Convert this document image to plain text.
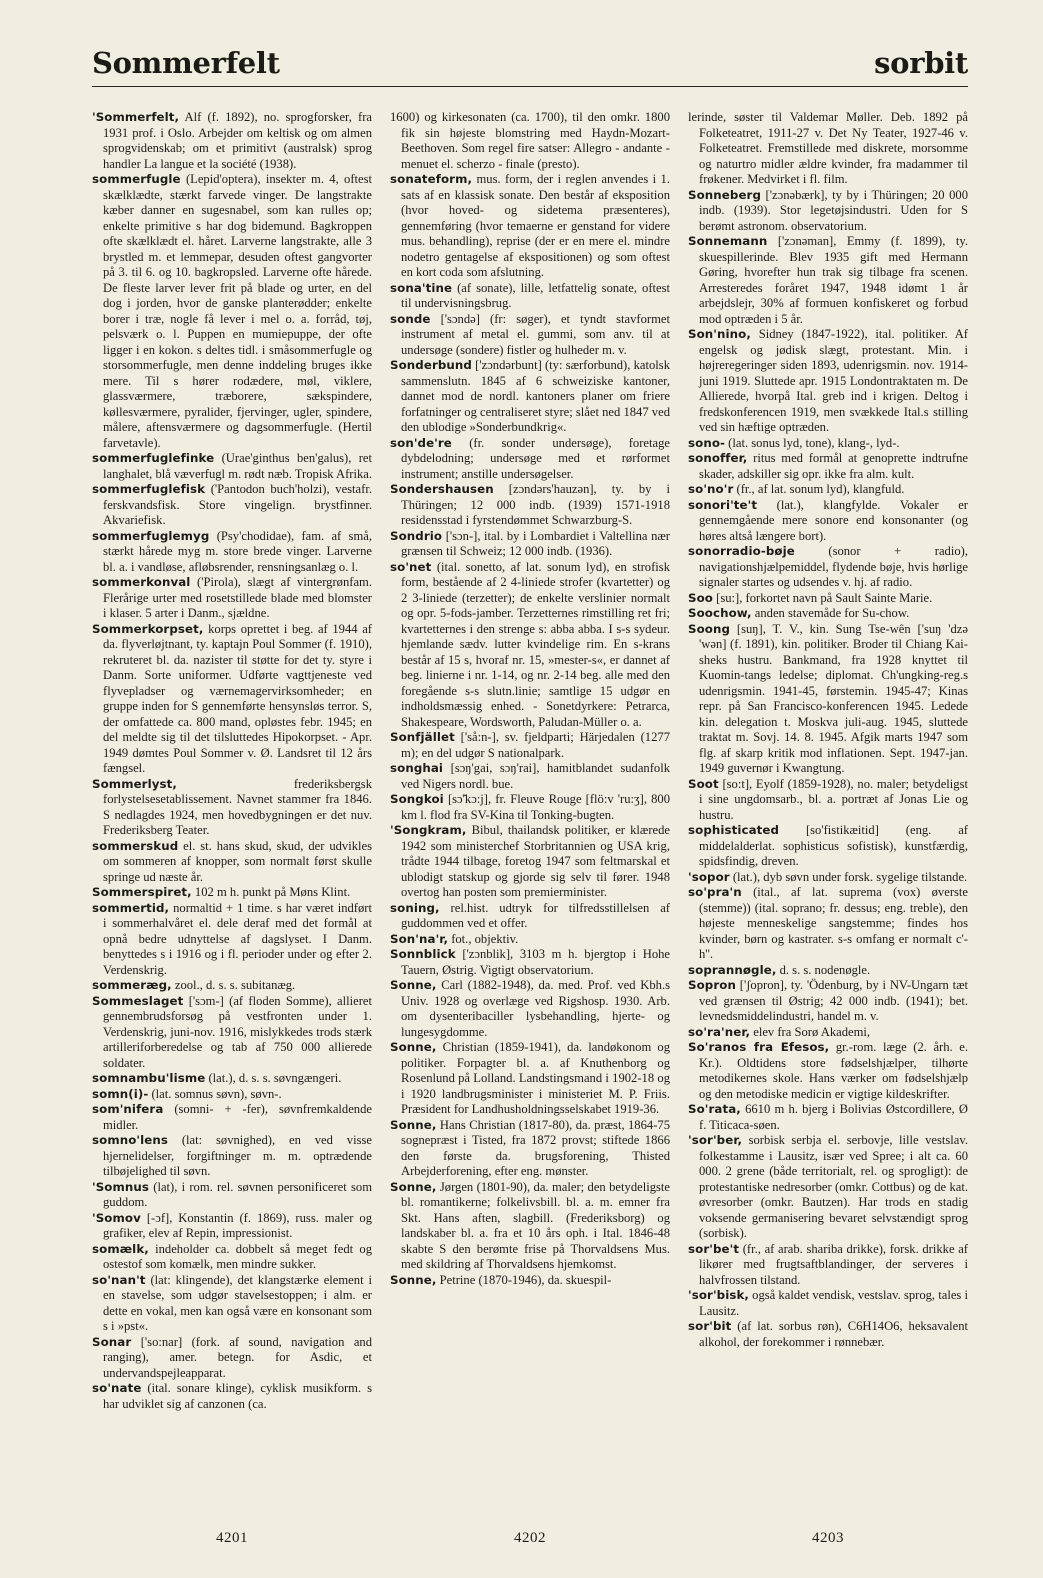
Sommerfelt	sorbit

'Sommerfelt, Alf (f. 1892), no. sprogforsker, fra 1931 prof. i Oslo. Arbejder om keltisk og om almen sprogvidenskab; om et primitivt (australsk) sprog handler La langue et la société (1938).

sommerfugle (Lepid'optera), insekter m. 4, oftest skælklædte, stærkt farvede vinger. De langstrakte kæber danner en sugesnabel, som kan rulles op; enkelte primitive s har dog bidemund. Bagkroppen ofte skælklædt el. håret. Larverne langstrakte, alle 3 brystled m. et lemmepar, desuden oftest gangvorter på 3. til 6. og 10. bagkropsled. Larverne ofte hårede. De fleste larver lever frit på blade og urter, en del dog i jorden, hvor de ganske planterødder; enkelte borer i træ, nogle få lever i mel o. a. forråd, tøj, pelsværk o. l. Puppen en mumiepuppe, der ofte ligger i en kokon. s deltes tidl. i småsommerfugle og storsommerfugle, men denne inddeling bruges ikke mere. Til s hører rodædere, møl, viklere, glassværmere, træborere, sækspindere, køllesværmere, pyralider, fjervinger, ugler, spindere, målere, aftensværmere og dagsommerfugle. (Hertil farvetavle).

sommerfuglefinke (Urae'ginthus ben'galus), ret langhalet, blå væverfugl m. rødt næb. Tropisk Afrika.

sommerfuglefisk ('Pantodon buch'holzi), vestafr. ferskvandsfisk. Store vingelign. brystfinner. Akvariefisk.

sommerfuglemyg (Psy'chodidae), fam. af små, stærkt hårede myg m. store brede vinger. Larverne bl. a. i vandløse, afløbsrender, rensningsanlæg o. l.

sommerkonval ('Pirola), slægt af vintergrønfam. Flerårige urter med rosetstillede blade med blomster i klaser. 5 arter i Danm., sjældne.

Sommerkorpset, korps oprettet i beg. af 1944 af da. flyverløjtnant, ty. kaptajn Poul Sommer (f. 1910), rekruteret bl. da. nazister til støtte for det ty. styre i Danm. Sorte uniformer. Udførte vagttjeneste ved flyvepladser og værnemagervirksomheder; en gruppe inden for S gennemførte hensynsløs terror. S, der omfattede ca. 800 mand, opløstes febr. 1945; en del meldte sig til det tilsluttedes Hipokorpset. - Apr. 1949 dømtes Poul Sommer v. Ø. Landsret til 12 års fængsel.

Sommerlyst, frederiksbergsk forlystelsesetablissement. Navnet stammer fra 1846. S nedlagdes 1924, men hovedbygningen er det nuv. Frederiksberg Teater.

sommerskud el. st. hans skud, skud, der udvikles om sommeren af knopper, som normalt først skulle springe ud næste år.

Sommerspiret, 102 m h. punkt på Møns Klint.

sommertid, normaltid + 1 time. s har været indført i sommerhalvåret el. dele deraf med det formål at opnå bedre udnyttelse af dagslyset. I Danm. benyttedes s i 1916 og i fl. perioder under og efter 2. Verdenskrig.

sommeræg, zool., d. s. s. subitanæg.

Sommeslaget ['sɔm-] (af floden Somme), allieret gennembrudsforsøg på vestfronten under 1. Verdenskrig, juni-nov. 1916, mislykkedes trods stærk artilleriforberedelse og tab af 750 000 allierede soldater.

somnambu'lisme (lat.), d. s. s. søvngængeri.

somn(i)- (lat. somnus søvn), søvn-.

som'nifera (somni- + -fer), søvnfremkaldende midler.

somno'lens (lat: søvnighed), en ved visse hjernelidelser, forgiftninger m. m. optrædende tilbøjelighed til søvn.

'Somnus (lat), i rom. rel. søvnen personificeret som guddom.

'Somov [-ɔf], Konstantin (f. 1869), russ. maler og grafiker, elev af Repin, impressionist.

somælk, indeholder ca. dobbelt så meget fedt og ostestof som komælk, men mindre sukker.

so'nan't (lat: klingende), det klangstærke element i en stavelse, som udgør stavelsestoppen; i alm. er dette en vokal, men kan også være en konsonant som s i »pst«.

Sonar ['so:nar] (fork. af sound, navigation and ranging), amer. betegn. for Asdic, et undervandspejleapparat.

so'nate (ital. sonare klinge), cyklisk musikform. s har udviklet sig af canzonen (ca.

1600) og kirkesonaten (ca. 1700), til den omkr. 1800 fik sin højeste blomstring med Haydn-Mozart-Beethoven. Som regel fire satser: Allegro - andante - menuet el. scherzo - finale (presto).

sonateform, mus. form, der i reglen anvendes i 1. sats af en klassisk sonate. Den består af eksposition (hvor hoved- og sidetema præsenteres), gennemføring (hvor temaerne er genstand for videre mus. behandling), reprise (der er en mere el. mindre nodetro gentagelse af ekspositionen) og som oftest en kort coda som afslutning.

sona'tine (af sonate), lille, letfattelig sonate, oftest til undervisningsbrug.

sonde ['sɔndə] (fr: søger), et tyndt stavformet instrument af metal el. gummi, som anv. til at undersøge (sondere) fistler og hulheder m. v.

Sonderbund ['zɔndərbunt] (ty: særforbund), katolsk sammenslutn. 1845 af 6 schweiziske kantoner, dannet mod de nordl. kantoners planer om friere forfatninger og centraliseret styre; slået ned 1847 ved den ublodige »Sonderbundkrig«.

son'de're (fr. sonder undersøge), foretage dybdelodning; undersøge med et rørformet instrument; anstille undersøgelser.

Sondershausen [zɔndərs'hauzən], ty. by i Thüringen; 12 000 indb. (1939) 1571-1918 residensstad i fyrstendømmet Schwarzburg-S.

Sondrio ['sɔn-], ital. by i Lombardiet i Valtellina nær grænsen til Schweiz; 12 000 indb. (1936).

so'net (ital. sonetto, af lat. sonum lyd), en strofisk form, bestående af 2 4-liniede strofer (kvartetter) og 2 3-liniede (terzetter); de enkelte verslinier normalt og opr. 5-fods-jamber. Terzetternes rimstilling ret fri; kvartetternes i den strenge s: abba abba. I s-s sydeur. hjemlande sædv. lutter kvindelige rim. En s-krans består af 15 s, hvoraf nr. 15, »mester-s«, er dannet af beg. linierne i nr. 1-14, og nr. 2-14 beg. alle med den foregående s-s slutn.linie; samtlige 15 udgør en indholdsmæssig enhed. - Sonetdyrkere: Petrarca, Shakespeare, Wordsworth, Paludan-Müller o. a.

Sonfjället ['så:n-], sv. fjeldparti; Härjedalen (1277 m); en del udgør S nationalpark.

songhai [sɔŋ'gai, sɔŋ'rai], hamitblandet sudanfolk ved Nigers nordl. bue.

Songkoi [sɔ̃'kɔ:j], fr. Fleuve Rouge [flö:v 'ru:ʒ], 800 km l. flod fra SV-Kina til Tonking-bugten.

'Songkram, Bibul, thailandsk politiker, er klærede 1942 som ministerchef Storbritannien og USA krig, trådte 1944 tilbage, foretog 1947 som feltmarskal et ublodigt statskup og gjorde sig selv til fører. 1948 overtog han posten som premierminister.

soning, rel.hist. udtryk for tilfredsstillelsen af guddommen ved et offer.

Son'na'r, fot., objektiv.

Sonnblick ['zɔnblik], 3103 m h. bjergtop i Hohe Tauern, Østrig. Vigtigt observatorium.

Sonne, Carl (1882-1948), da. med. Prof. ved Kbh.s Univ. 1928 og overlæge ved Rigshosp. 1930. Arb. om dysenteribaciller lysbehandling, hjerte- og lungesygdomme.

Sonne, Christian (1859-1941), da. landøkonom og politiker. Forpagter bl. a. af Knuthenborg og Rosenlund på Lolland. Landstingsmand i 1902-18 og i 1920 landbrugsminister i ministeriet M. P. Friis. Præsident for Landhusholdningsselskabet 1919-36.

Sonne, Hans Christian (1817-80), da. præst, 1864-75 sognepræst i Tisted, fra 1872 provst; stiftede 1866 den første da. brugsforening, Thisted Arbejderforening, efter eng. mønster.

Sonne, Jørgen (1801-90), da. maler; den betydeligste bl. romantikerne; folkelivsbill. bl. a. m. emner fra Skt. Hans aften, slagbill. (Frederiksborg) og landskaber bl. a. fra et 10 års oph. i Ital. 1846-48 skabte S den berømte frise på Thorvaldsens Mus. med skildring af Thorvaldsens hjemkomst.

Sonne, Petrine (1870-1946), da. skuespil-

lerinde, søster til Valdemar Møller. Deb. 1892 på Folketeatret, 1911-27 v. Det Ny Teater, 1927-46 v. Folketeatret. Fremstillede med diskrete, morsomme og naturtro midler ældre kvinder, fra madammer til frøkener. Medvirket i fl. film.

Sonneberg ['zɔnəbærk], ty by i Thüringen; 20 000 indb. (1939). Stor legetøjsindustri. Uden for S berømt astronom. observatorium.

Sonnemann ['zɔnəman], Emmy (f. 1899), ty. skuespillerinde. Blev 1935 gift med Hermann Gøring, hvorefter hun trak sig tilbage fra scenen. Arresteredes foråret 1947, 1948 idømt 1 år arbejdslejr, 30% af formuen konfiskeret og forbud mod optræden i 5 år.

Son'nino, Sidney (1847-1922), ital. politiker. Af engelsk og jødisk slægt, protestant. Min. i højreregeringer siden 1893, udenrigsmin. nov. 1914-juni 1919. Sluttede apr. 1915 Londontraktaten m. De Allierede, hvorpå Ital. greb ind i krigen. Deltog i fredskonferencen 1919, men svækkede Ital.s stilling ved sin hæftige optræden.

sono- (lat. sonus lyd, tone), klang-, lyd-.

sonoffer, ritus med formål at genoprette indtrufne skader, adskiller sig opr. ikke fra alm. kult.

so'no'r (fr., af lat. sonum lyd), klangfuld.

sonori'te't (lat.), klangfylde. Vokaler er gennemgående mere sonore end konsonanter (og høres altså længere bort).

sonorradio-bøje (sonor + radio), navigationshjælpemiddel, flydende bøje, hvis hørlige signaler startes og udsendes v. hj. af radio.

Soo [su:], forkortet navn på Sault Sainte Marie.

Soochow, anden stavemåde for Su-chow.

Soong [suŋ], T. V., kin. Sung Tse-wên ['suŋ 'dzə 'wən] (f. 1891), kin. politiker. Broder til Chiang Kai-sheks hustru. Bankmand, fra 1928 knyttet til Kuomin-tangs ledelse; diplomat. Ch'ungking-reg.s udenrigsmin. 1941-45, førstemin. 1945-47; Kinas repr. på San Francisco-konferencen 1945. Ledede kin. delegation t. Moskva juli-aug. 1945, sluttede traktat m. Sovj. 14. 8. 1945. Afgik marts 1947 som flg. af skarp kritik mod inflationen. Sept. 1947-jan. 1949 guvernør i Kwangtung.

Soot [so:t], Eyolf (1859-1928), no. maler; betydeligst i sine ungdomsarb., bl. a. portræt af Jonas Lie og hustru.

sophisticated [so'fistikæitid] (eng. af middelalderlat. sophisticus sofistisk), kunstfærdig, spidsfindig, dreven.

'sopor (lat.), dyb søvn under forsk. sygelige tilstande.

so'pra'n (ital., af lat. suprema (vox) øverste (stemme)) (ital. soprano; fr. dessus; eng. treble), den højeste menneskelige sangstemme; findes hos kvinder, børn og kastrater. s-s omfang er normalt c'-h''.

soprannøgle, d. s. s. nodenøgle.

Sopron ['ʃopron], ty. 'Ödenburg, by i NV-Ungarn tæt ved grænsen til Østrig; 42 000 indb. (1941); bet. levnedsmiddelindustri, handel m. v.

so'ra'ner, elev fra Sorø Akademi,

So'ranos fra Efesos, gr.-rom. læge (2. årh. e. Kr.). Oldtidens store fødselshjælper, tilhørte metodikernes skole. Hans værker om fødselshjælp og den metodiske medicin er vigtige kildeskrifter.

So'rata, 6610 m h. bjerg i Bolivias Østcordillere, Ø f. Titicaca-søen.

'sor'ber, sorbisk serbja el. serbovje, lille vestslav. folkestamme i Lausitz, især ved Spree; i alt ca. 60 000. 2 grene (både territorialt, rel. og sprogligt): de protestantiske nedresorber (omkr. Cottbus) og de kat. øvresorber (omkr. Bautzen). Har trods en stadig voksende germanisering bevaret selvstændigt sprog (sorbisk).

sor'be't (fr., af arab. shariba drikke), forsk. drikke af likører med frugtsaftblandinger, der serveres i halvfrossen tilstand.

'sor'bisk, også kaldet vendisk, vestslav. sprog, tales i Lausitz.

sor'bit (af lat. sorbus røn), C6H14O6, heksavalent alkohol, der forekommer i rønnebær.

4201	4202	4203
